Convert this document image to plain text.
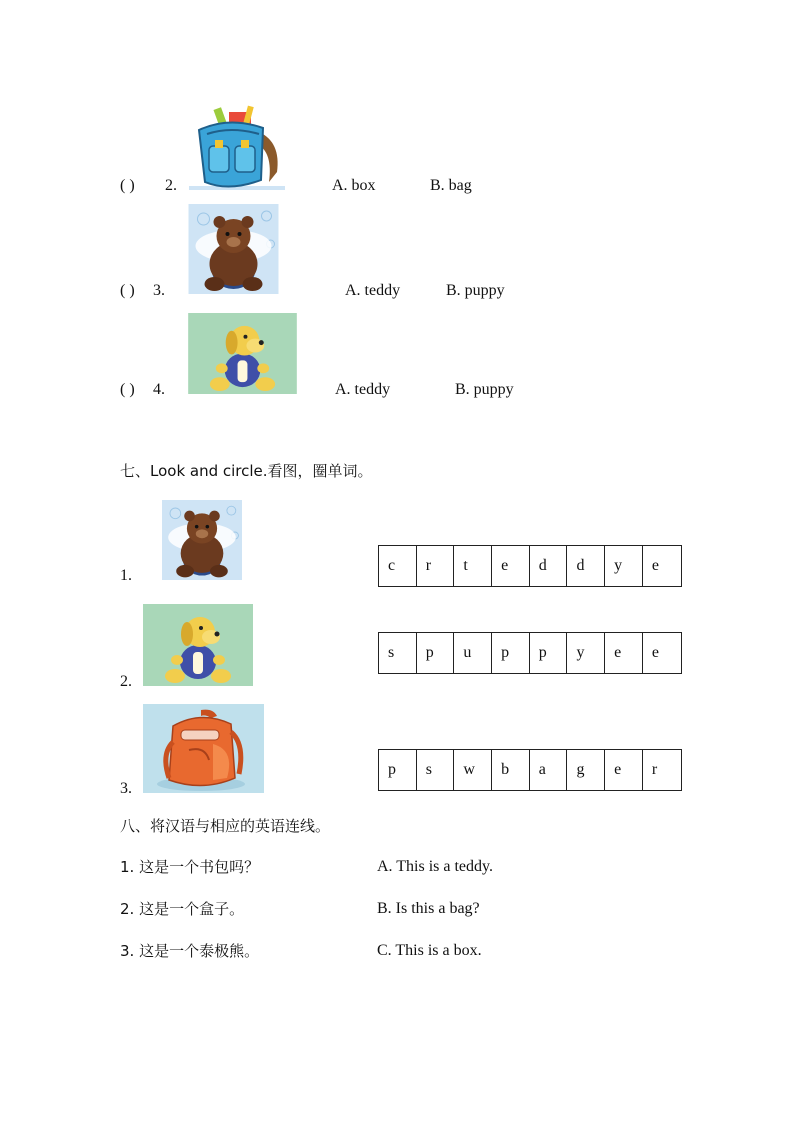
( ) 2.	A. box	B. bag
( ) 3.	A. teddy	B. puppy
( ) 4.	A. teddy	B. puppy
七、Look and circle.看图，圈单词。
1.
c	r	t	e	d	d	y	e
2.
s	p	u	p	p	y	e	e
3.
p	s	w	b	a	g	e	r
八、将汉语与相应的英语连线。
1. 这是一个书包吗？
2. 这是一个盒子。
3. 这是一个泰极熊。
A. This is a teddy.
B. Is this a bag?
C. This is a box.
